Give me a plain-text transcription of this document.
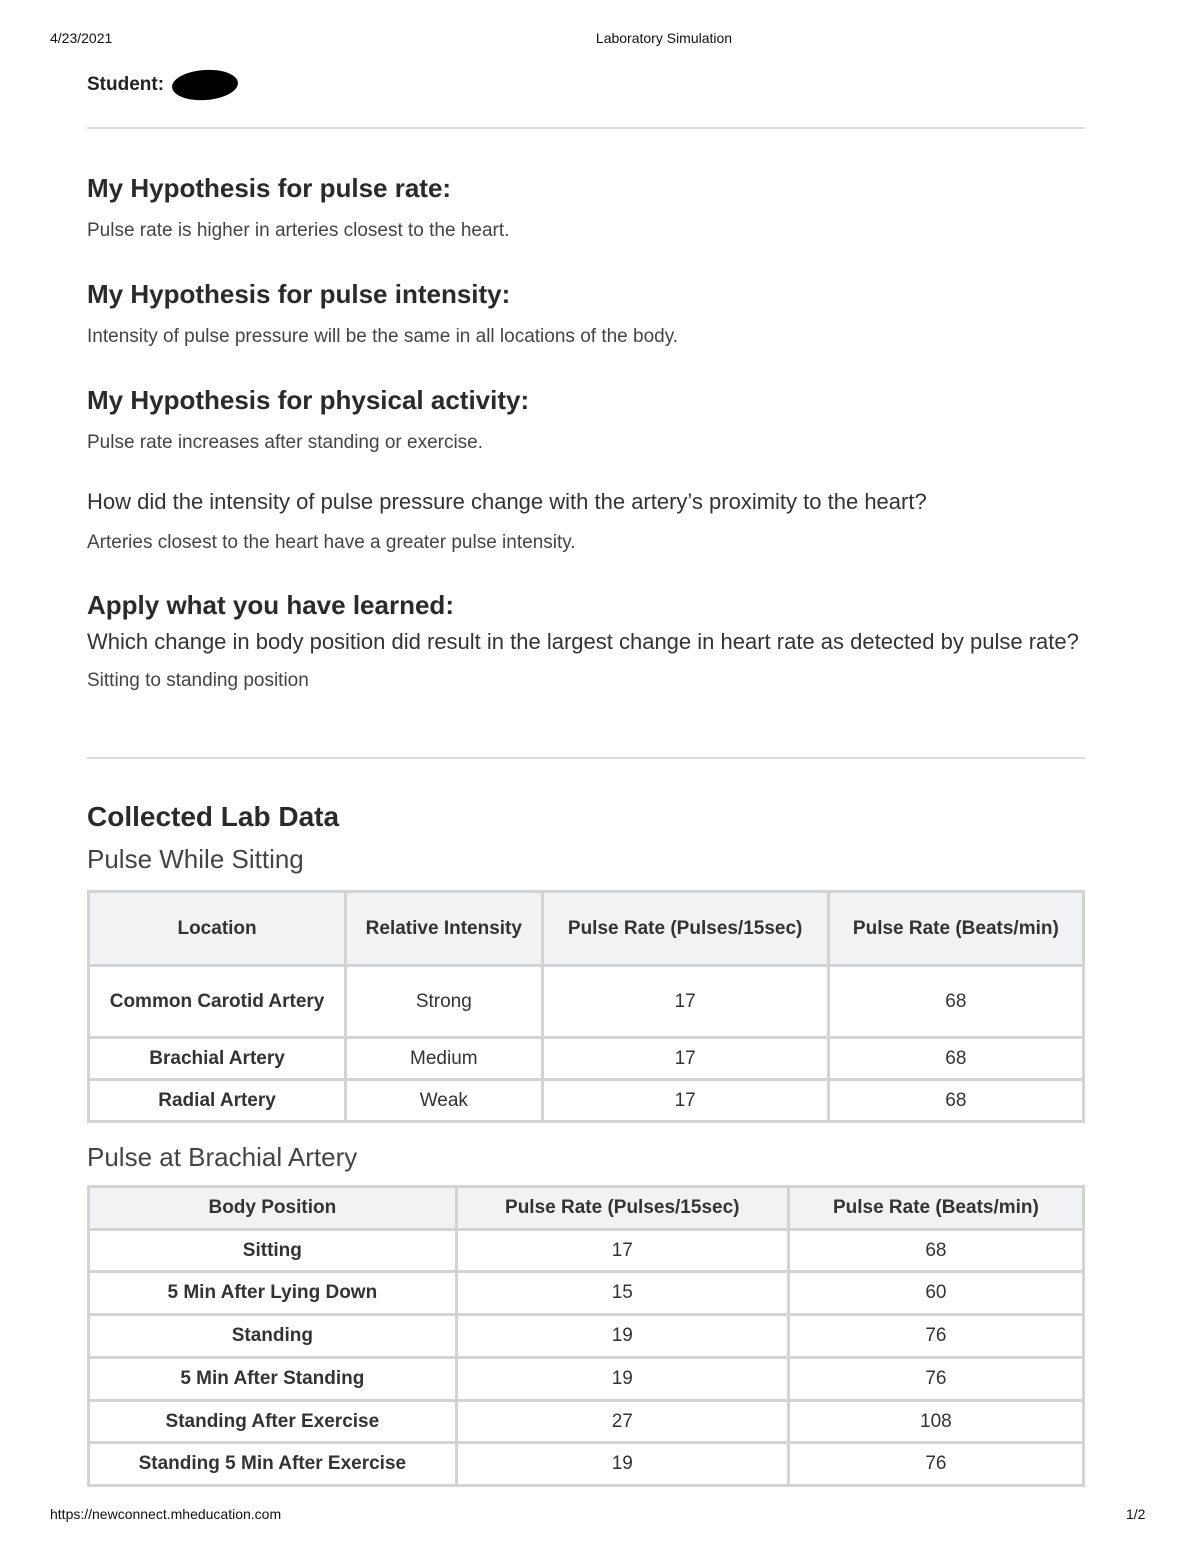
4/23/2021	Laboratory Simulation
Student:
My Hypothesis for pulse rate:

Pulse rate is higher in arteries closest to the heart.

My Hypothesis for pulse intensity:

Intensity of pulse pressure will be the same in all locations of the body.

My Hypothesis for physical activity:

Pulse rate increases after standing or exercise.

How did the intensity of pulse pressure change with the artery’s proximity to the heart?

Arteries closest to the heart have a greater pulse intensity.

Apply what you have learned:

Which change in body position did result in the largest change in heart rate as detected by pulse rate?

Sitting to standing position

Collected Lab Data
Pulse While Sitting
Location	Relative Intensity	Pulse Rate (Pulses/15sec)	Pulse Rate (Beats/min)
Common Carotid Artery	Strong	17	68
Brachial Artery	Medium	17	68
Radial Artery	Weak	17	68
Pulse at Brachial Artery
Body Position	Pulse Rate (Pulses/15sec)	Pulse Rate (Beats/min)
Sitting	17	68
5 Min After Lying Down	15	60
Standing	19	76
5 Min After Standing	19	76
Standing After Exercise	27	108
Standing 5 Min After Exercise	19	76
https://newconnect.mheducation.com	1/2
